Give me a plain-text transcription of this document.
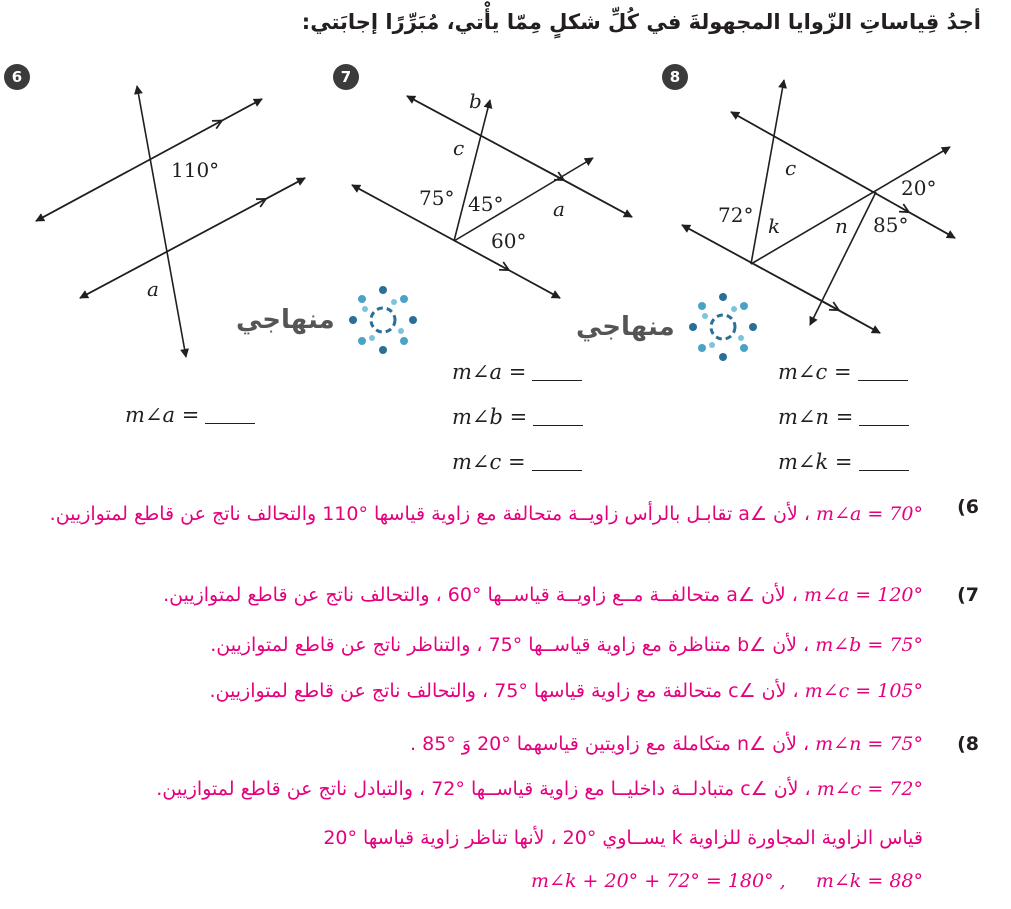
أجدُ قِياساتِ الزّوايا المجهولةَ في كُلِّ شكلٍ مِمّا يأْتي، مُبَرِّرًا إجابَتي:
6	7	8
110°
a
b
c
75° 45° a
60°
c
20°
72° k	n 85°
منهاجي	منهاجي
m∠a =
m∠a =
m∠b =
m∠c =
m∠c =
m∠n =
m∠k =
6)
m∠a = 70° ، لأن ∠a تقابـل بالرأس زاويــة متحالفة مع زاوية قياسها °110 والتحالف ناتج عن قاطع لمتوازيين.
7)
m∠a = 120° ، لأن ∠a متحالفــة مــع زاويــة قياســها °60 ، والتحالف ناتج عن قاطع لمتوازيين.
m∠b = 75° ، لأن ∠b متناظرة مع زاوية قياســها °75 ، والتناظر ناتج عن قاطع لمتوازيين.
m∠c = 105° ، لأن ∠c متحالفة مع زاوية قياسها °75 ، والتحالف ناتج عن قاطع لمتوازيين.
8)
m∠n = 75° ، لأن ∠n متكاملة مع زاويتين قياسهما °20 وَ °85 .
m∠c = 72° ، لأن ∠c متبادلــة داخليــا مع زاوية قياســها °72 ، والتبادل ناتج عن قاطع لمتوازيين.
قياس الزاوية المجاورة للزاوية k يســاوي °20 ، لأنها تناظر زاوية قياسها °20
m∠k + 20° + 72° = 180° ,     m∠k = 88°
